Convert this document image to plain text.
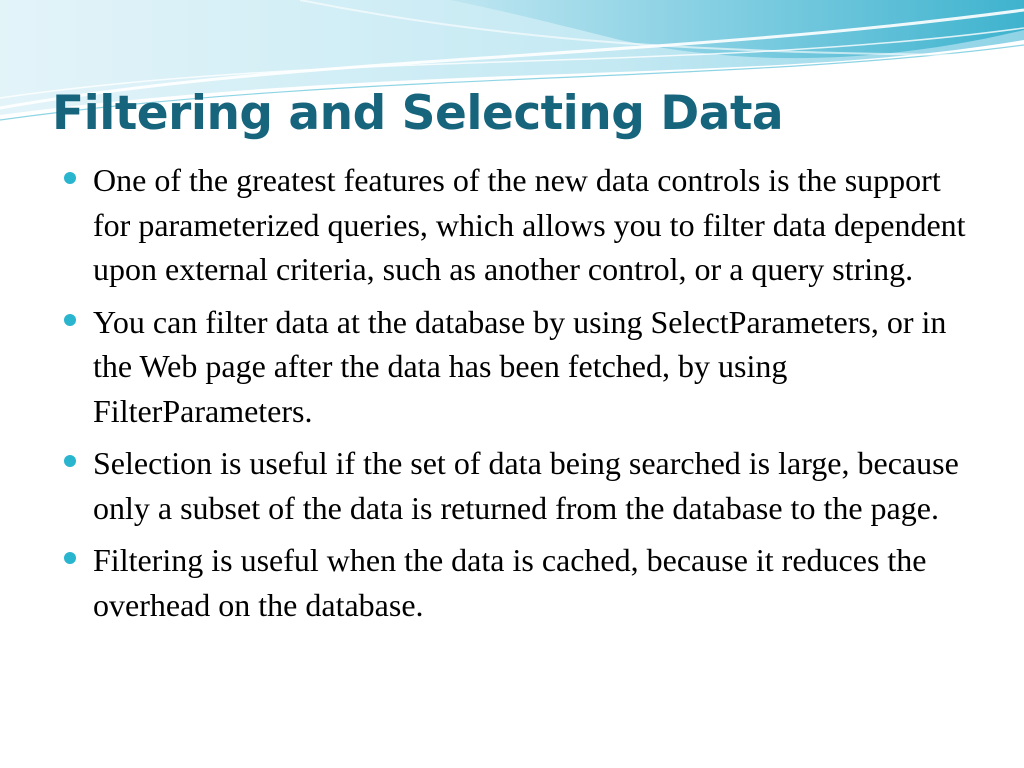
Filtering and Selecting Data
One of the greatest features of the new data controls is the support for parameterized queries, which allows you to filter data dependent upon external criteria, such as another control, or a query string.
You can filter data at the database by using SelectParameters, or in the Web page after the data has been fetched, by using FilterParameters.
Selection is useful if the set of data being searched is large, because only a subset of the data is returned from the database to the page.
Filtering is useful when the data is cached, because it reduces the overhead on the database.
